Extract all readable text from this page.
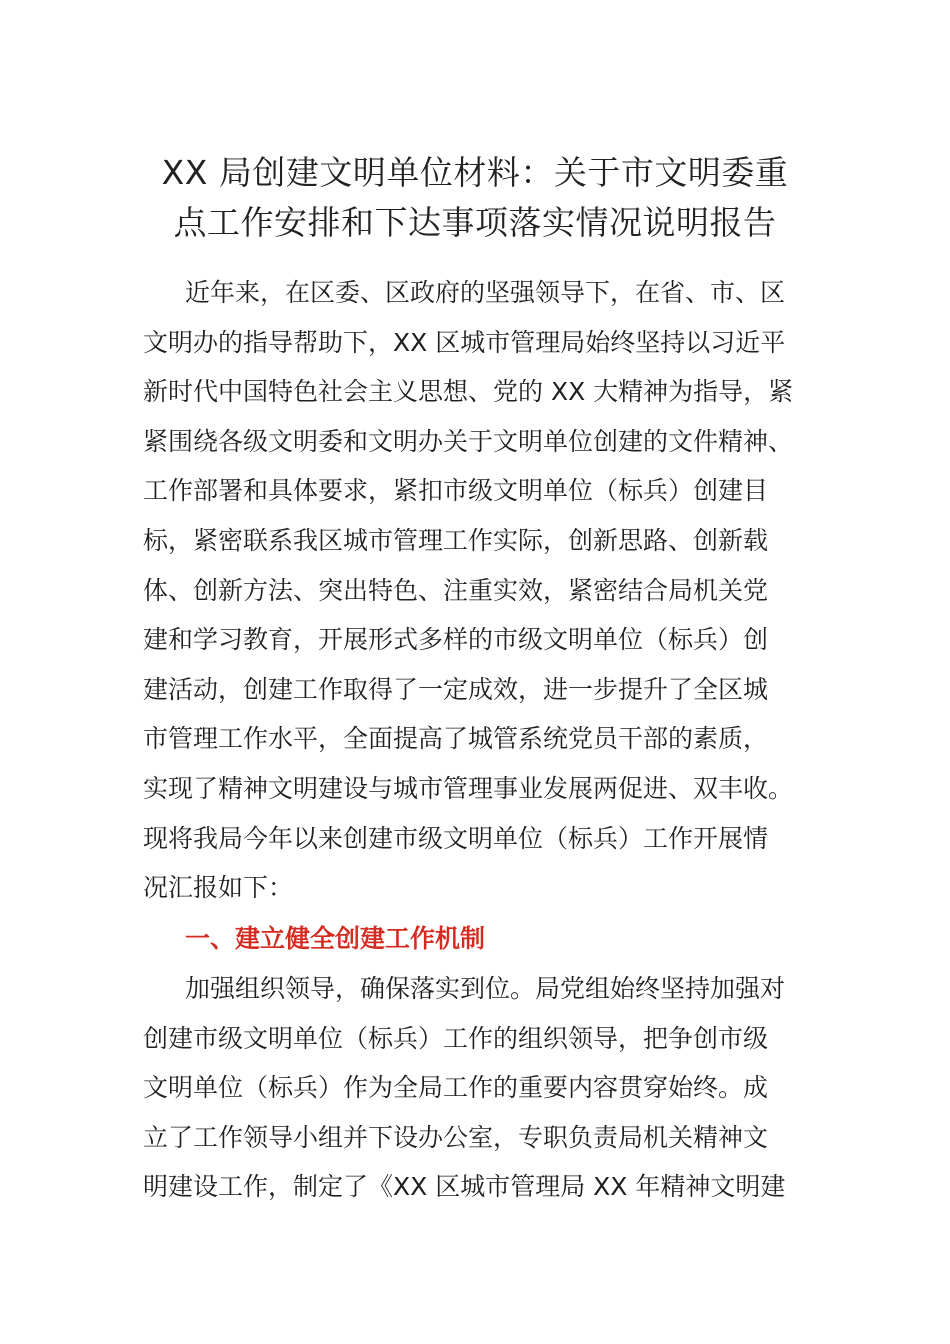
XX 局创建文明单位材料：关于市文明委重
点工作安排和下达事项落实情况说明报告
近年来，在区委、区政府的坚强领导下，在省、市、区
文明办的指导帮助下，XX 区城市管理局始终坚持以习近平
新时代中国特色社会主义思想、党的 XX 大精神为指导，紧
紧围绕各级文明委和文明办关于文明单位创建的文件精神、
工作部署和具体要求，紧扣市级文明单位（标兵）创建目
标，紧密联系我区城市管理工作实际，创新思路、创新载
体、创新方法、突出特色、注重实效，紧密结合局机关党
建和学习教育，开展形式多样的市级文明单位（标兵）创
建活动，创建工作取得了一定成效，进一步提升了全区城
市管理工作水平，全面提高了城管系统党员干部的素质，
实现了精神文明建设与城市管理事业发展两促进、双丰收。
现将我局今年以来创建市级文明单位（标兵）工作开展情
况汇报如下：
一、建立健全创建工作机制
加强组织领导，确保落实到位。局党组始终坚持加强对
创建市级文明单位（标兵）工作的组织领导，把争创市级
文明单位（标兵）作为全局工作的重要内容贯穿始终。成
立了工作领导小组并下设办公室，专职负责局机关精神文
明建设工作，制定了《XX 区城市管理局 XX 年精神文明建
